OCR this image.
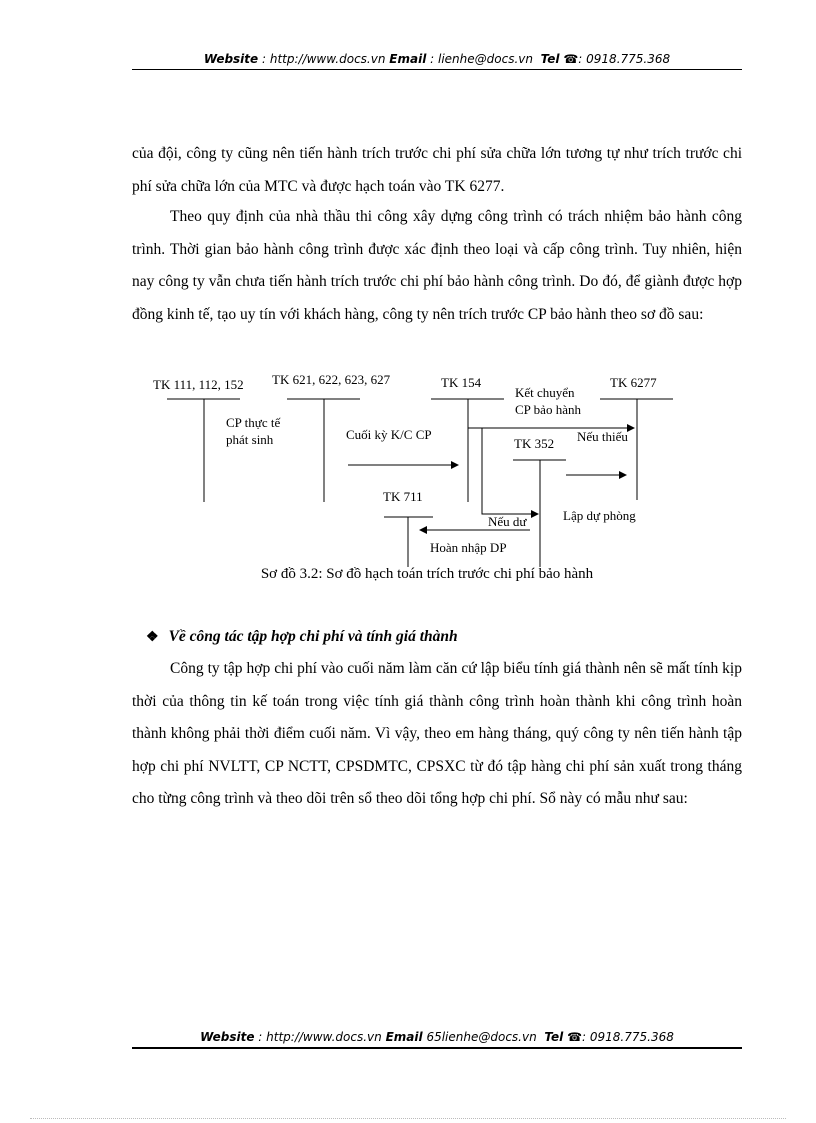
Website : http://www.docs.vn Email : lienhe@docs.vn Tel ☎: 0918.775.368

của đội, công ty cũng nên tiến hành trích trước chi phí sửa chữa lớn tương tự như trích trước chi phí sửa chữa lớn của MTC và được hạch toán vào TK 6277.

Theo quy định của nhà thầu thi công xây dựng công trình có trách nhiệm bảo hành công trình. Thời gian bảo hành công trình được xác định theo loại và cấp công trình. Tuy nhiên, hiện nay công ty vẫn chưa tiến hành trích trước chi phí bảo hành công trình. Do đó, để giành được hợp đồng kinh tế, tạo uy tín với khách hàng, công ty nên trích trước CP bảo hành theo sơ đồ sau:

TK 111, 112, 152 TK 621, 622, 623, 627	TK 154	TK 6277
TK 352
TK 711
CP thực tế
phát sinh	Cuối kỳ K/C CP
Kết chuyển
CP bảo hành
Nếu thiếu
Lập dự phòng
Nếu dư
Hoàn nhập DP
Sơ đồ 3.2: Sơ đồ hạch toán trích trước chi phí bảo hành
❖ Về công tác tập hợp chi phí và tính giá thành

Công ty tập hợp chi phí vào cuối năm làm căn cứ lập biểu tính giá thành nên sẽ mất tính kịp thời của thông tin kế toán trong việc tính giá thành công trình hoàn thành khi công trình hoàn thành không phải thời điểm cuối năm. Vì vậy, theo em hàng tháng, quý công ty nên tiến hành tập hợp chi phí NVLTT, CP NCTT, CPSDMTC, CPSXC từ đó tập hàng chi phí sản xuất trong tháng cho từng công trình và theo dõi trên sổ theo dõi tổng hợp chi phí. Sổ này có mẫu như sau:

Website : http://www.docs.vn Email 65lienhe@docs.vn Tel ☎: 0918.775.368
